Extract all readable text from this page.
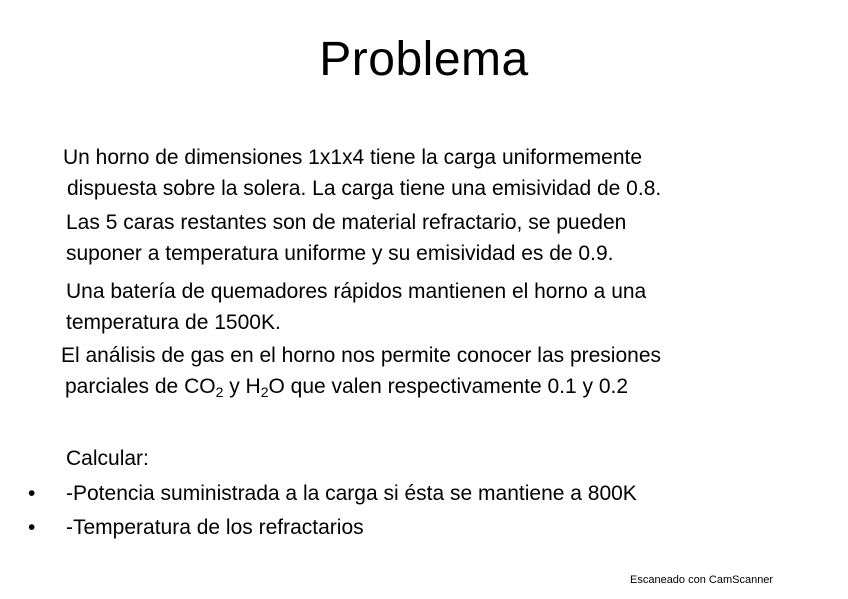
Problema
Un horno de dimensiones 1x1x4 tiene la carga uniformemente
dispuesta sobre la solera. La carga tiene una emisividad de 0.8.
Las 5 caras restantes son de material refractario, se pueden
suponer a temperatura uniforme y su emisividad es de 0.9.
Una batería de quemadores rápidos mantienen el horno a una
temperatura de 1500K.
El análisis de gas en el horno nos permite conocer las presiones
parciales de $CO_2$ y $H_2O$ que valen respectivamente 0.1 y 0.2
Calcular:
• -Potencia suministrada a la carga si ésta se mantiene a 800K
• -Temperatura de los refractarios
Escaneado con CamScanner
